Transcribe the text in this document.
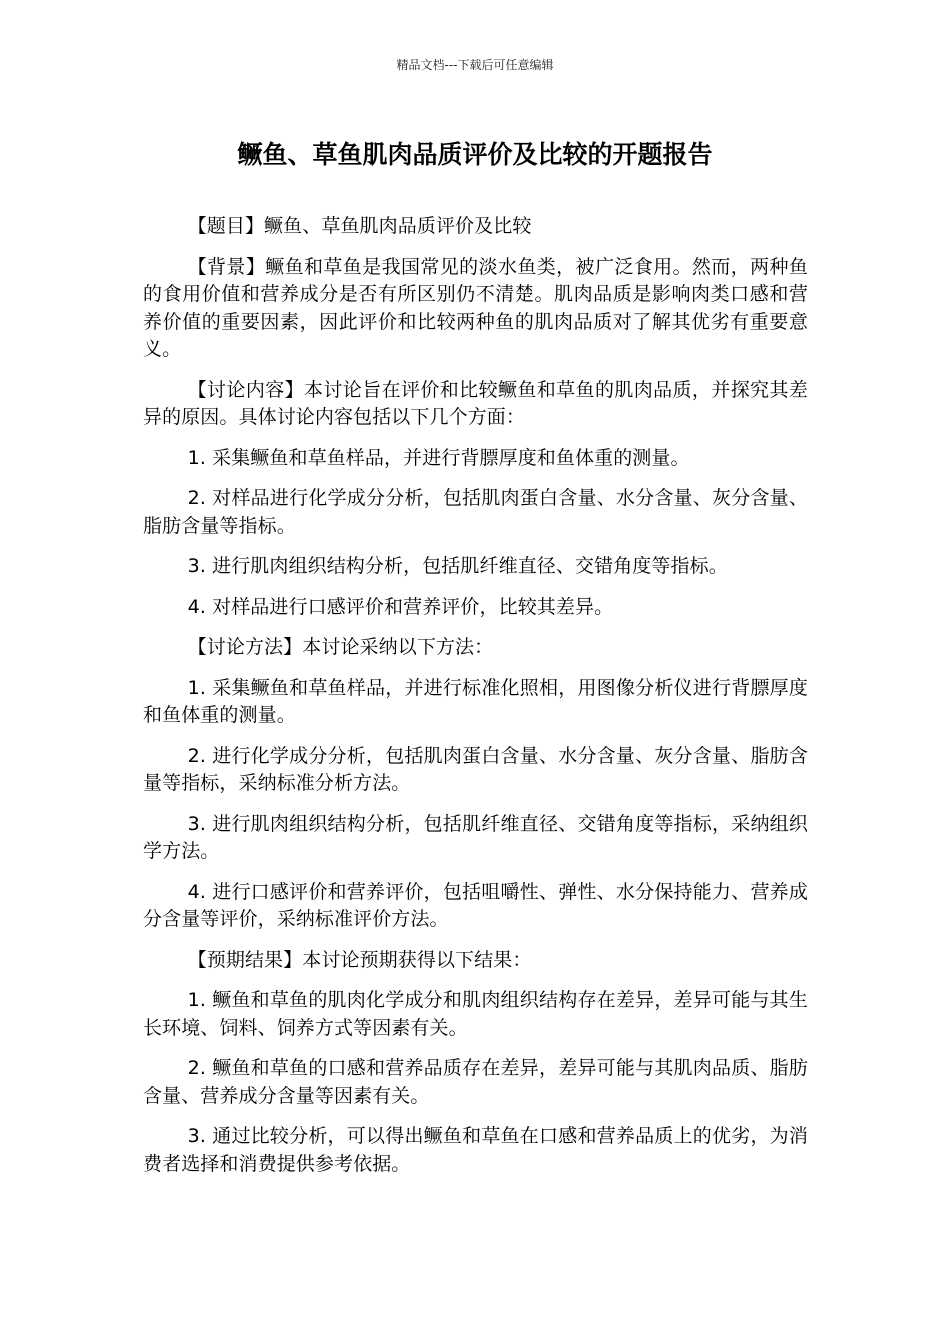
精品文档---下载后可任意编辑
鳜鱼、草鱼肌肉品质评价及比较的开题报告

【题目】鳜鱼、草鱼肌肉品质评价及比较

【背景】鳜鱼和草鱼是我国常见的淡水鱼类，被广泛食用。然而，两种鱼的食用价值和营养成分是否有所区别仍不清楚。肌肉品质是影响肉类口感和营养价值的重要因素，因此评价和比较两种鱼的肌肉品质对了解其优劣有重要意义。

【讨论内容】本讨论旨在评价和比较鳜鱼和草鱼的肌肉品质，并探究其差异的原因。具体讨论内容包括以下几个方面：

1. 采集鳜鱼和草鱼样品，并进行背膘厚度和鱼体重的测量。

2. 对样品进行化学成分分析，包括肌肉蛋白含量、水分含量、灰分含量、脂肪含量等指标。

3. 进行肌肉组织结构分析，包括肌纤维直径、交错角度等指标。

4. 对样品进行口感评价和营养评价，比较其差异。

【讨论方法】本讨论采纳以下方法：

1. 采集鳜鱼和草鱼样品，并进行标准化照相，用图像分析仪进行背膘厚度和鱼体重的测量。

2. 进行化学成分分析，包括肌肉蛋白含量、水分含量、灰分含量、脂肪含量等指标，采纳标准分析方法。

3. 进行肌肉组织结构分析，包括肌纤维直径、交错角度等指标，采纳组织学方法。

4. 进行口感评价和营养评价，包括咀嚼性、弹性、水分保持能力、营养成分含量等评价，采纳标准评价方法。

【预期结果】本讨论预期获得以下结果：

1. 鳜鱼和草鱼的肌肉化学成分和肌肉组织结构存在差异，差异可能与其生长环境、饲料、饲养方式等因素有关。

2. 鳜鱼和草鱼的口感和营养品质存在差异，差异可能与其肌肉品质、脂肪含量、营养成分含量等因素有关。

3. 通过比较分析，可以得出鳜鱼和草鱼在口感和营养品质上的优劣，为消费者选择和消费提供参考依据。
